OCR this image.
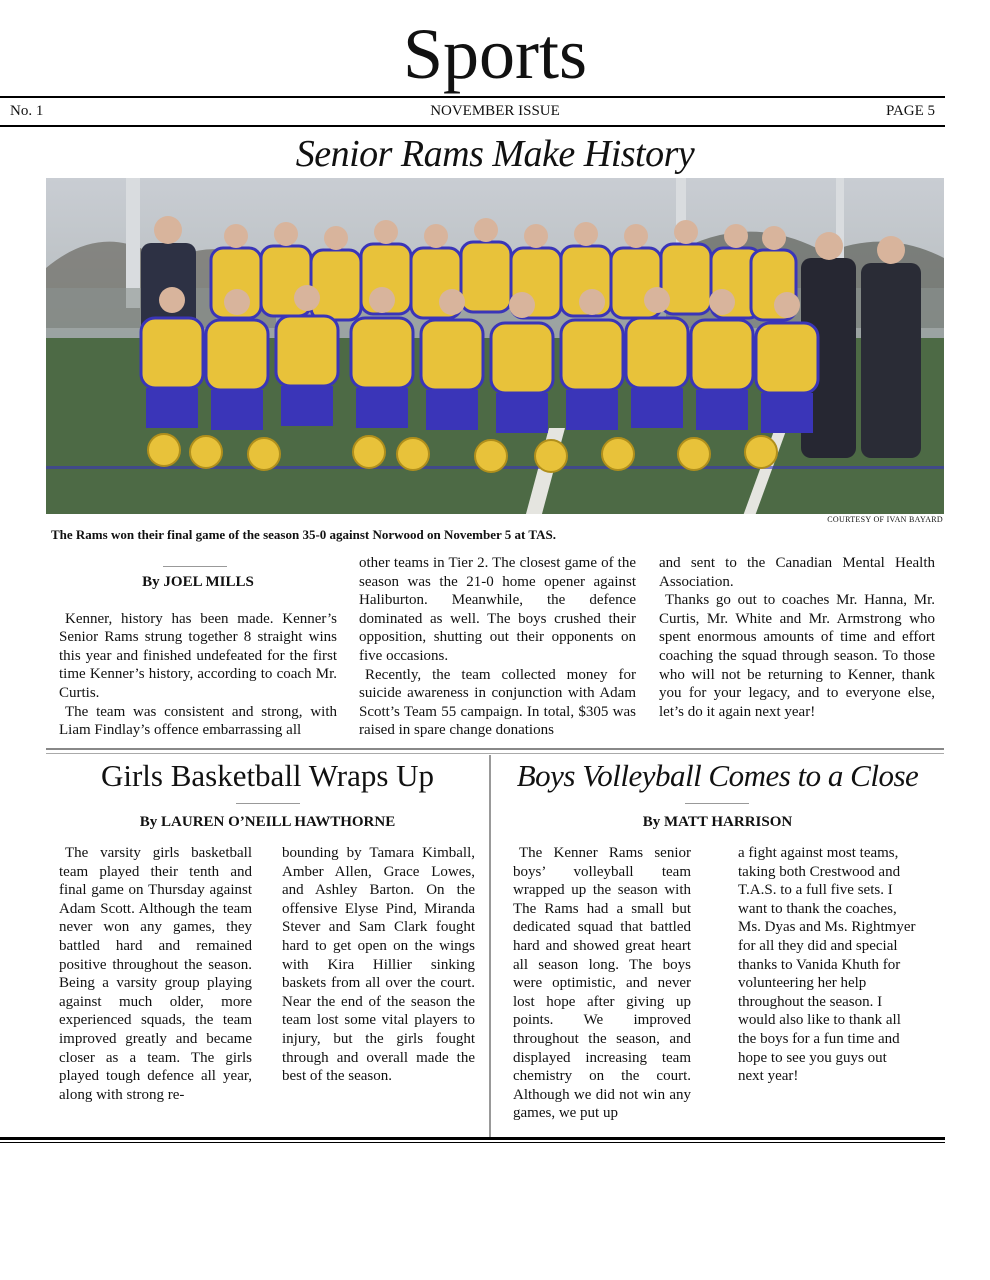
Sports
No. 1	NOVEMBER ISSUE	PAGE 5
Senior Rams Make History
COURTESY OF IVAN BAYARD
The Rams won their final game of the season 35-0 against Norwood on November 5 at TAS.
By JOEL MILLS

Kenner, history has been made. Kenner’s Senior Rams strung together 8 straight wins this year and finished undefeated for the first time Kenner’s history, according to coach Mr. Curtis.

The team was consistent and strong, with Liam Findlay’s offence embarrassing all

other teams in Tier 2. The closest game of the season was the 21-0 home opener against Haliburton. Meanwhile, the defence dominated as well. The boys crushed their opposition, shutting out their opponents on five occasions.

Recently, the team collected money for suicide awareness in conjunction with Adam Scott’s Team 55 campaign. In total, $305 was raised in spare change donations

and sent to the Canadian Mental Health Association.

Thanks go out to coaches Mr. Hanna, Mr. Curtis, Mr. White and Mr. Armstrong who spent enormous amounts of time and effort coaching the squad through season. To those who will not be returning to Kenner, thank you for your legacy, and to everyone else, let’s do it again next year!

Girls Basketball Wraps Up
By LAUREN O’NEILL HAWTHORNE

The varsity girls basketball team played their tenth and final game on Thursday against Adam Scott. Although the team never won any games, they battled hard and remained positive throughout the season. Being a varsity group playing against much older, more experienced squads, the team improved greatly and became closer as a team. The girls played tough defence all year, along with strong re-

bounding by Tamara Kimball, Amber Allen, Grace Lowes, and Ashley Barton. On the offensive Elyse Pind, Miranda Stever and Sam Clark fought hard to get open on the wings with Kira Hillier sinking baskets from all over the court. Near the end of the season the team lost some vital players to injury, but the girls fought through and overall made the best of the season.

Boys Volleyball Comes to a Close
By MATT HARRISON

The Kenner Rams senior boys’ volleyball team wrapped up the season with The Rams had a small but dedicated squad that battled hard and showed great heart all season long. The boys were optimistic, and never lost hope after giving up points. We improved throughout the season, and displayed increasing team chemistry on the court. Although we did not win any games, we put up

a fight against most teams, taking both Crestwood and T.A.S. to a full five sets. I want to thank the coaches, Ms. Dyas and Ms. Rightmyer for all they did and special thanks to Vanida Khuth for volunteering her help throughout the season. I would also like to thank all the boys for a fun time and hope to see you guys out next year!
